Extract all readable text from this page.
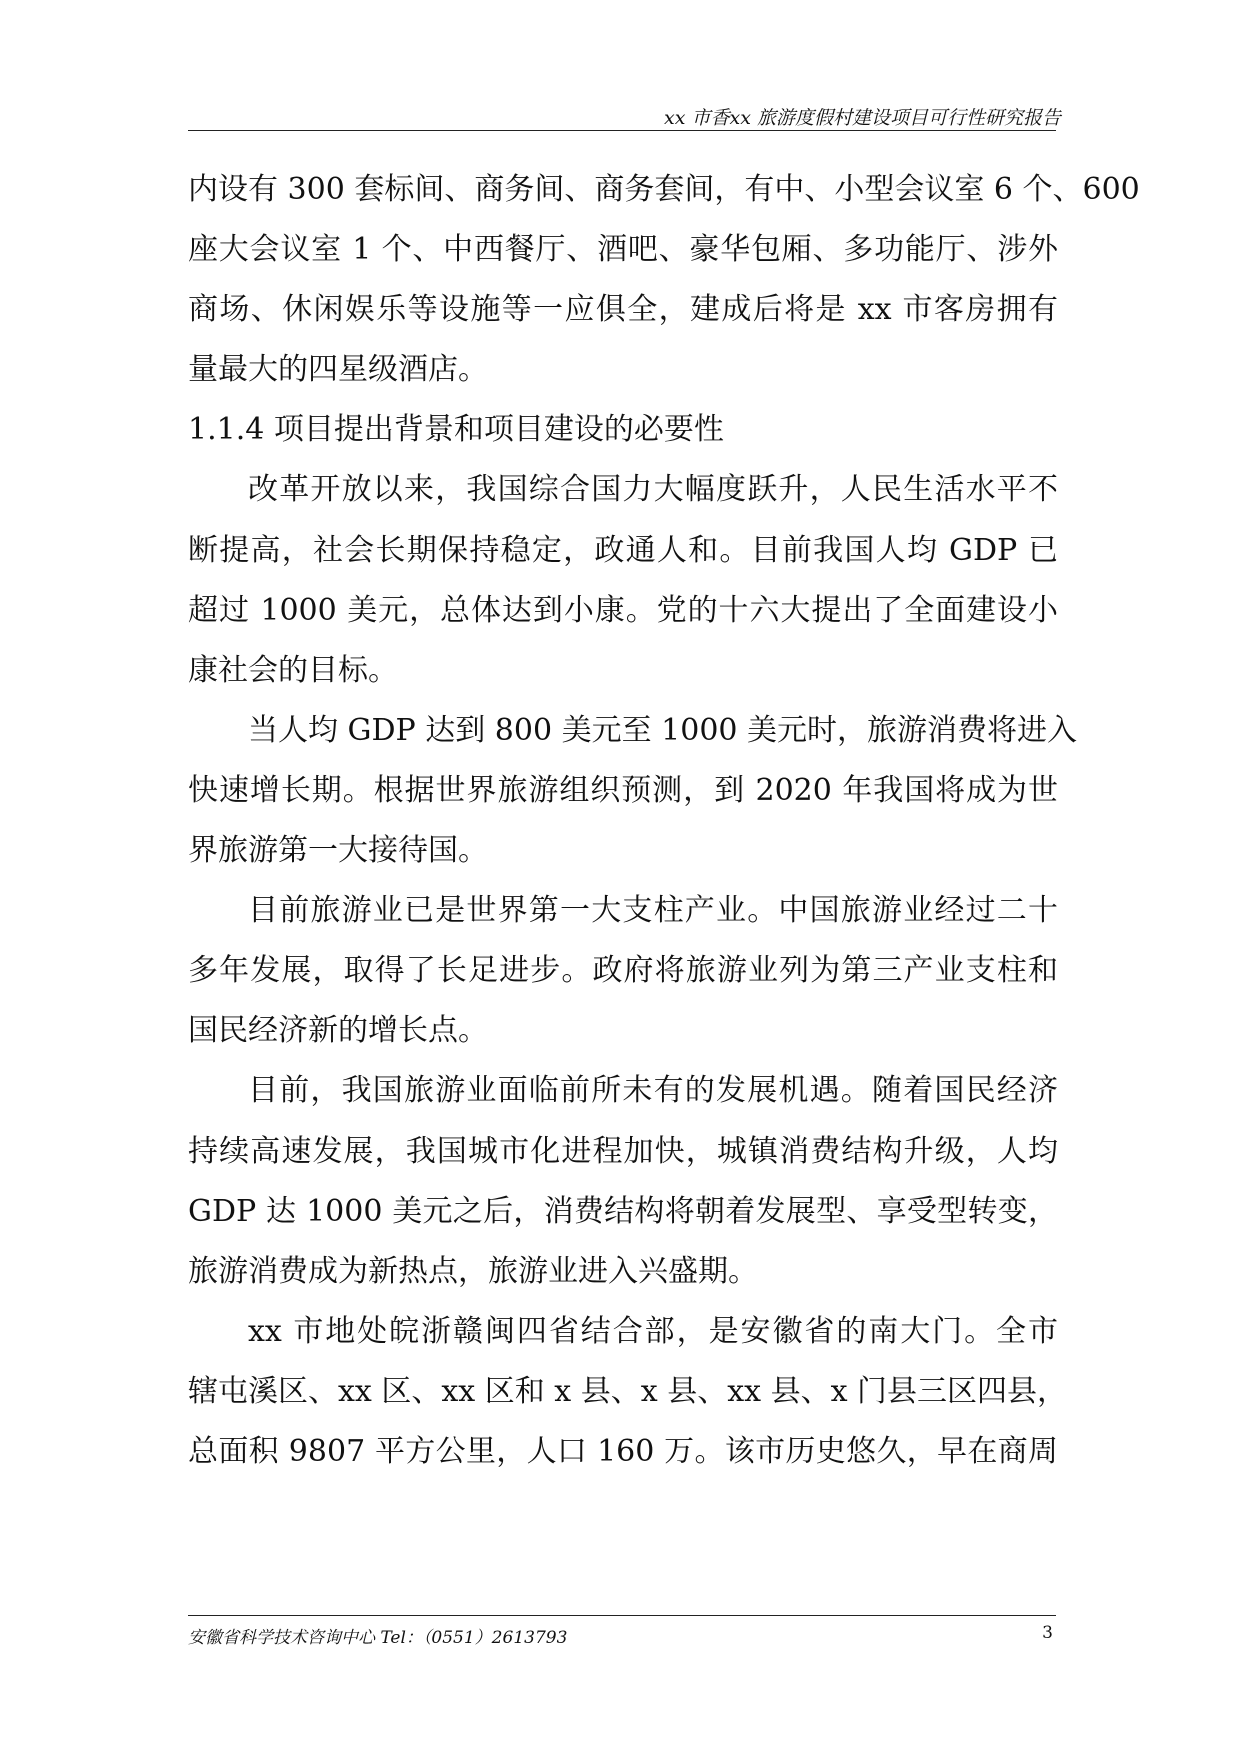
xx 市香xx 旅游度假村建设项目可行性研究报告
内设有 300 套标间、商务间、商务套间，有中、小型会议室 6 个、600
座大会议室 1 个、中西餐厅、酒吧、豪华包厢、多功能厅、涉外
商场、休闲娱乐等设施等一应俱全，建成后将是 xx 市客房拥有
量最大的四星级酒店。
1.1.4 项目提出背景和项目建设的必要性
改革开放以来，我国综合国力大幅度跃升，人民生活水平不
断提高，社会长期保持稳定，政通人和。目前我国人均 GDP 已
超过 1000 美元，总体达到小康。党的十六大提出了全面建设小
康社会的目标。
当人均 GDP 达到 800 美元至 1000 美元时，旅游消费将进入
快速增长期。根据世界旅游组织预测，到 2020 年我国将成为世
界旅游第一大接待国。
目前旅游业已是世界第一大支柱产业。中国旅游业经过二十
多年发展，取得了长足进步。政府将旅游业列为第三产业支柱和
国民经济新的增长点。
目前，我国旅游业面临前所未有的发展机遇。随着国民经济
持续高速发展，我国城市化进程加快，城镇消费结构升级，人均
GDP 达 1000 美元之后，消费结构将朝着发展型、享受型转变，
旅游消费成为新热点，旅游业进入兴盛期。
xx 市地处皖浙赣闽四省结合部，是安徽省的南大门。全市
辖屯溪区、xx 区、xx 区和 x 县、x 县、xx 县、x 门县三区四县，
总面积 9807 平方公里，人口 160 万。该市历史悠久，早在商周
安徽省科学技术咨询中心 Tel：（0551）2613793	3
